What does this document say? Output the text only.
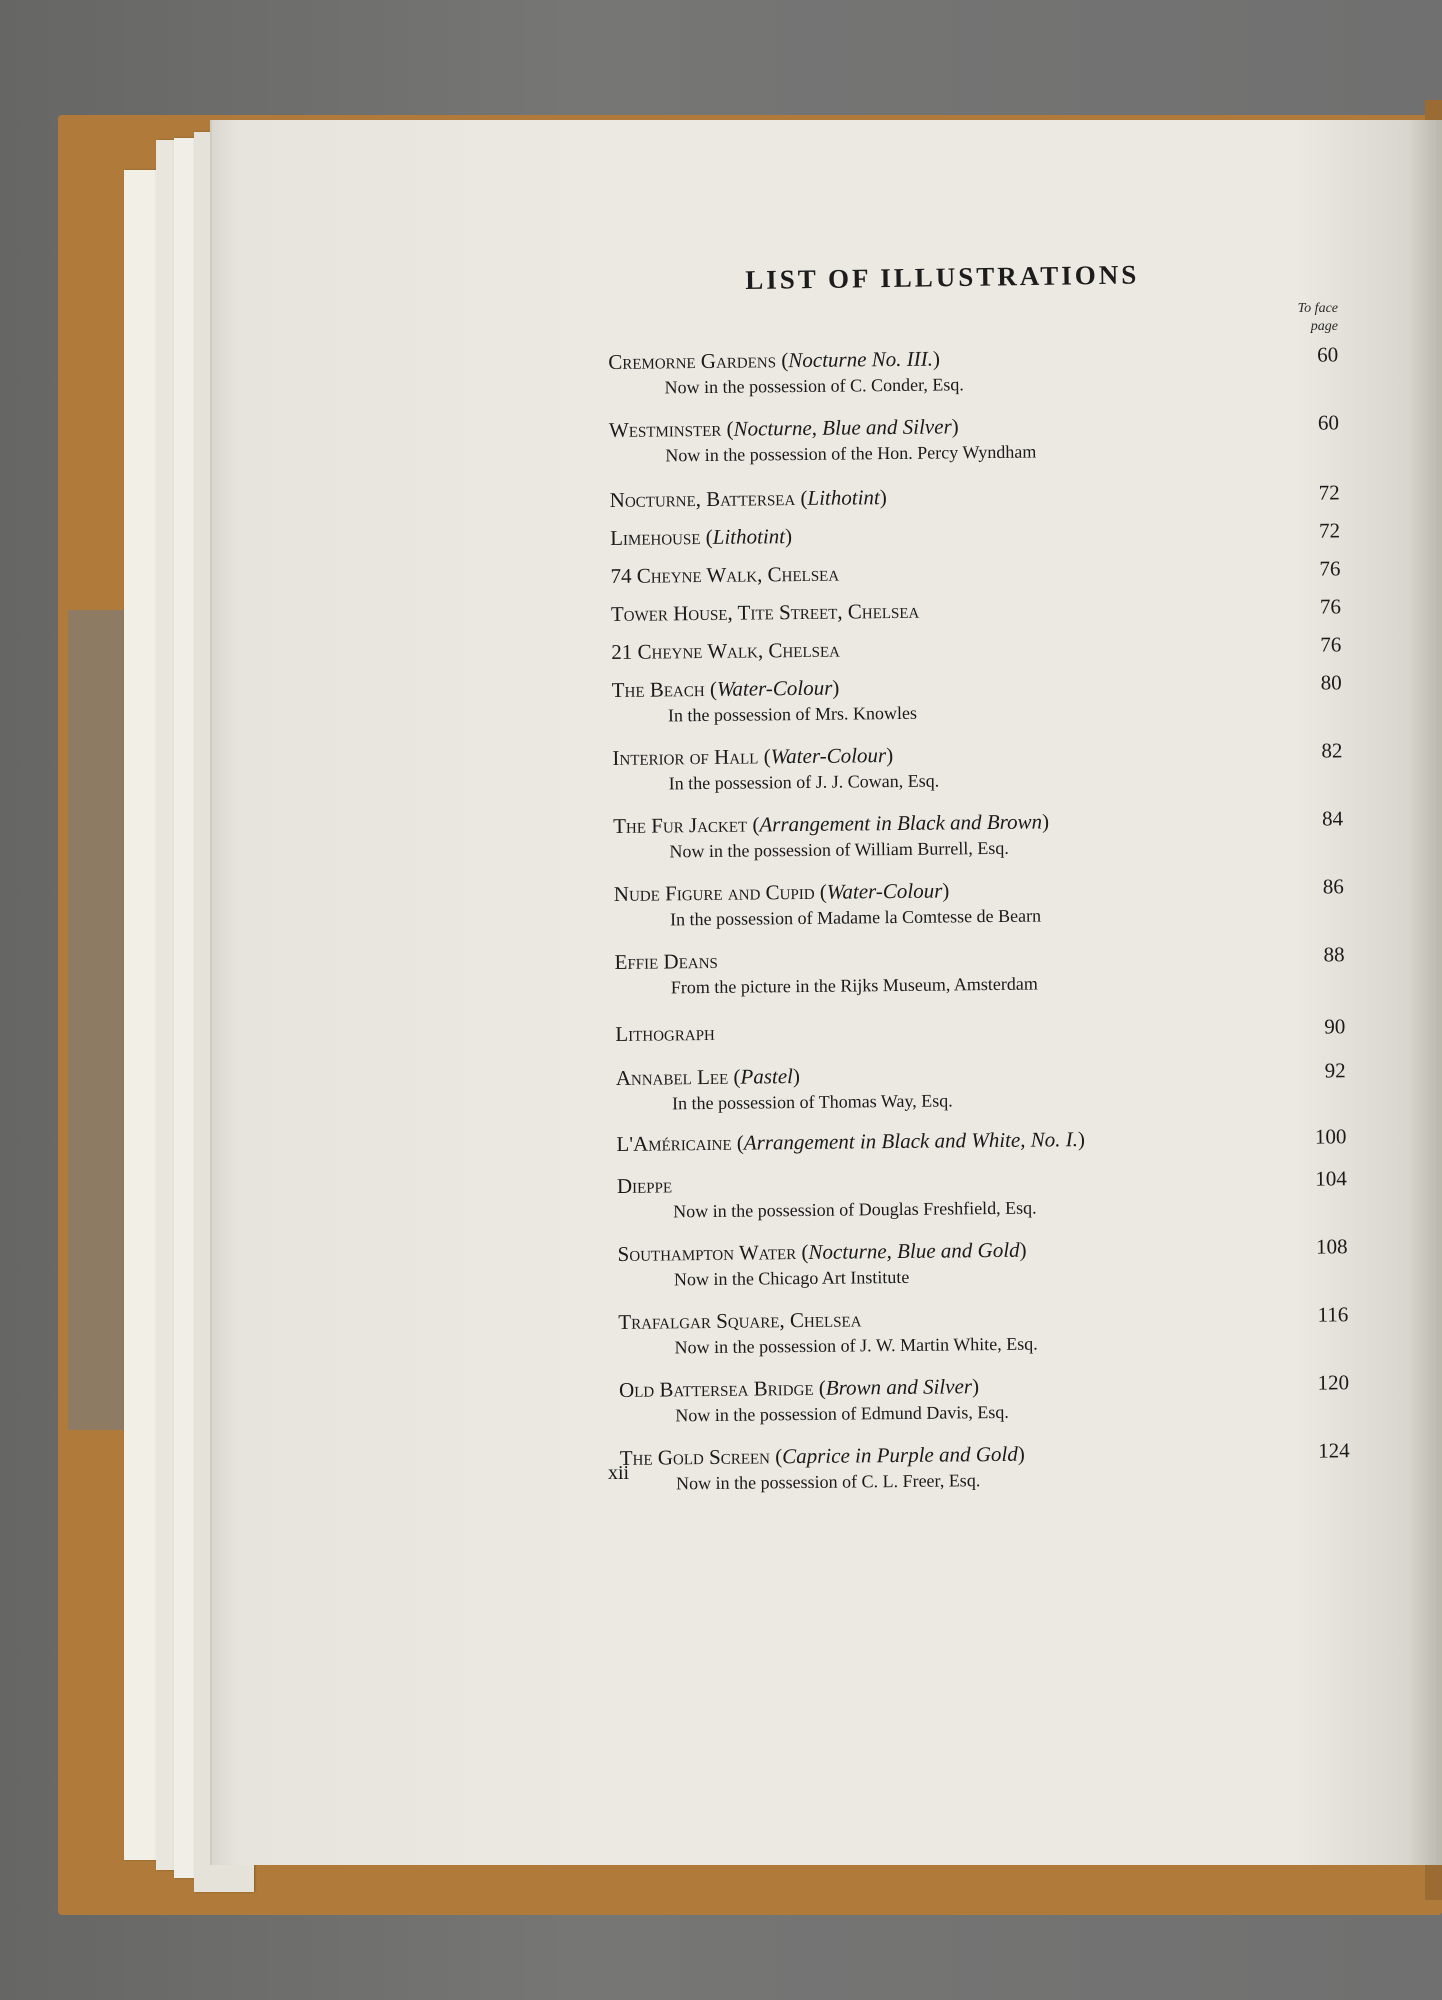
LIST OF ILLUSTRATIONS
To face
page
Cremorne Gardens (Nocturne No. III.)	60
Now in the possession of C. Conder, Esq.
Westminster (Nocturne, Blue and Silver)	60
Now in the possession of the Hon. Percy Wyndham
Nocturne, Battersea (Lithotint)	72
Limehouse (Lithotint)	72
74 Cheyne Walk, Chelsea	76
Tower House, Tite Street, Chelsea	76
21 Cheyne Walk, Chelsea	76
The Beach (Water-Colour)	80
In the possession of Mrs. Knowles
Interior of Hall (Water-Colour)	82
In the possession of J. J. Cowan, Esq.
The Fur Jacket (Arrangement in Black and Brown)	84
Now in the possession of William Burrell, Esq.
Nude Figure and Cupid (Water-Colour)	86
In the possession of Madame la Comtesse de Bearn
Effie Deans	88
From the picture in the Rijks Museum, Amsterdam
Lithograph	90
Annabel Lee (Pastel)	92
In the possession of Thomas Way, Esq.
L'Américaine (Arrangement in Black and White, No. I.)	100
Dieppe	104
Now in the possession of Douglas Freshfield, Esq.
Southampton Water (Nocturne, Blue and Gold)	108
Now in the Chicago Art Institute
Trafalgar Square, Chelsea	116
Now in the possession of J. W. Martin White, Esq.
Old Battersea Bridge (Brown and Silver)	120
Now in the possession of Edmund Davis, Esq.
The Gold Screen (Caprice in Purple and Gold)	124
Now in the possession of C. L. Freer, Esq.
xii
